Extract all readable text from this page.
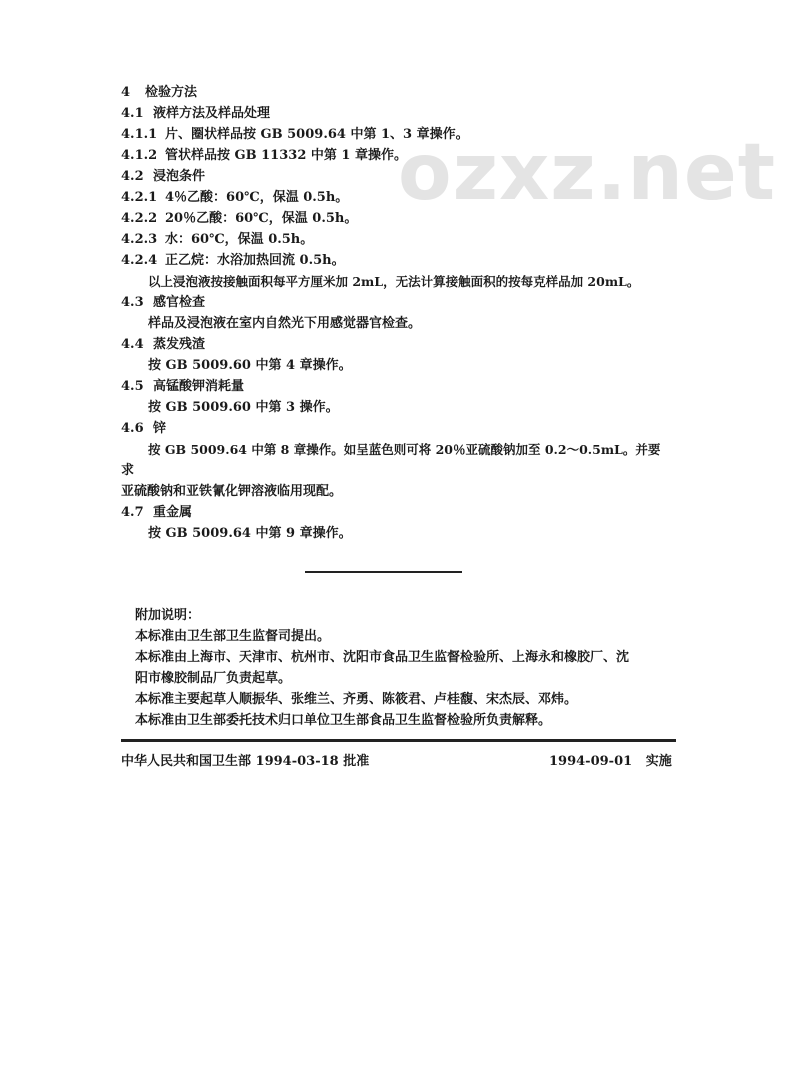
ozxz.net
4 检验方法
4.1 液样方法及样品处理
4.1.1 片、圈状样品按 GB 5009.64 中第 1、3 章操作。
4.1.2 管状样品按 GB 11332 中第 1 章操作。
4.2 浸泡条件
4.2.1 4％乙酸：60℃，保温 0.5h。
4.2.2 20％乙酸：60℃，保温 0.5h。
4.2.3 水：60℃，保温 0.5h。
4.2.4 正乙烷：水浴加热回流 0.5h。
以上浸泡液按接触面积每平方厘米加 2mL，无法计算接触面积的按每克样品加 20mL。
4.3 感官检查
样品及浸泡液在室内自然光下用感觉器官检查。
4.4 蒸发残渣
按 GB 5009.60 中第 4 章操作。
4.5 高锰酸钾消耗量
按 GB 5009.60 中第 3 操作。
4.6 锌
按 GB 5009.64 中第 8 章操作。如呈蓝色则可将 20％亚硫酸钠加至 0.2～0.5mL。并要
求
亚硫酸钠和亚铁氰化钾溶液临用现配。
4.7 重金属
按 GB 5009.64 中第 9 章操作。
附加说明：
本标准由卫生部卫生监督司提出。
本标准由上海市、天津市、杭州市、沈阳市食品卫生监督检验所、上海永和橡胶厂、沈
阳市橡胶制品厂负责起草。
本标准主要起草人顺振华、张维兰、齐勇、陈筱君、卢桂馥、宋杰辰、邓炜。
本标准由卫生部委托技术归口单位卫生部食品卫生监督检验所负责解释。
中华人民共和国卫生部 1994-03-18 批准	1994-09-01   实施
